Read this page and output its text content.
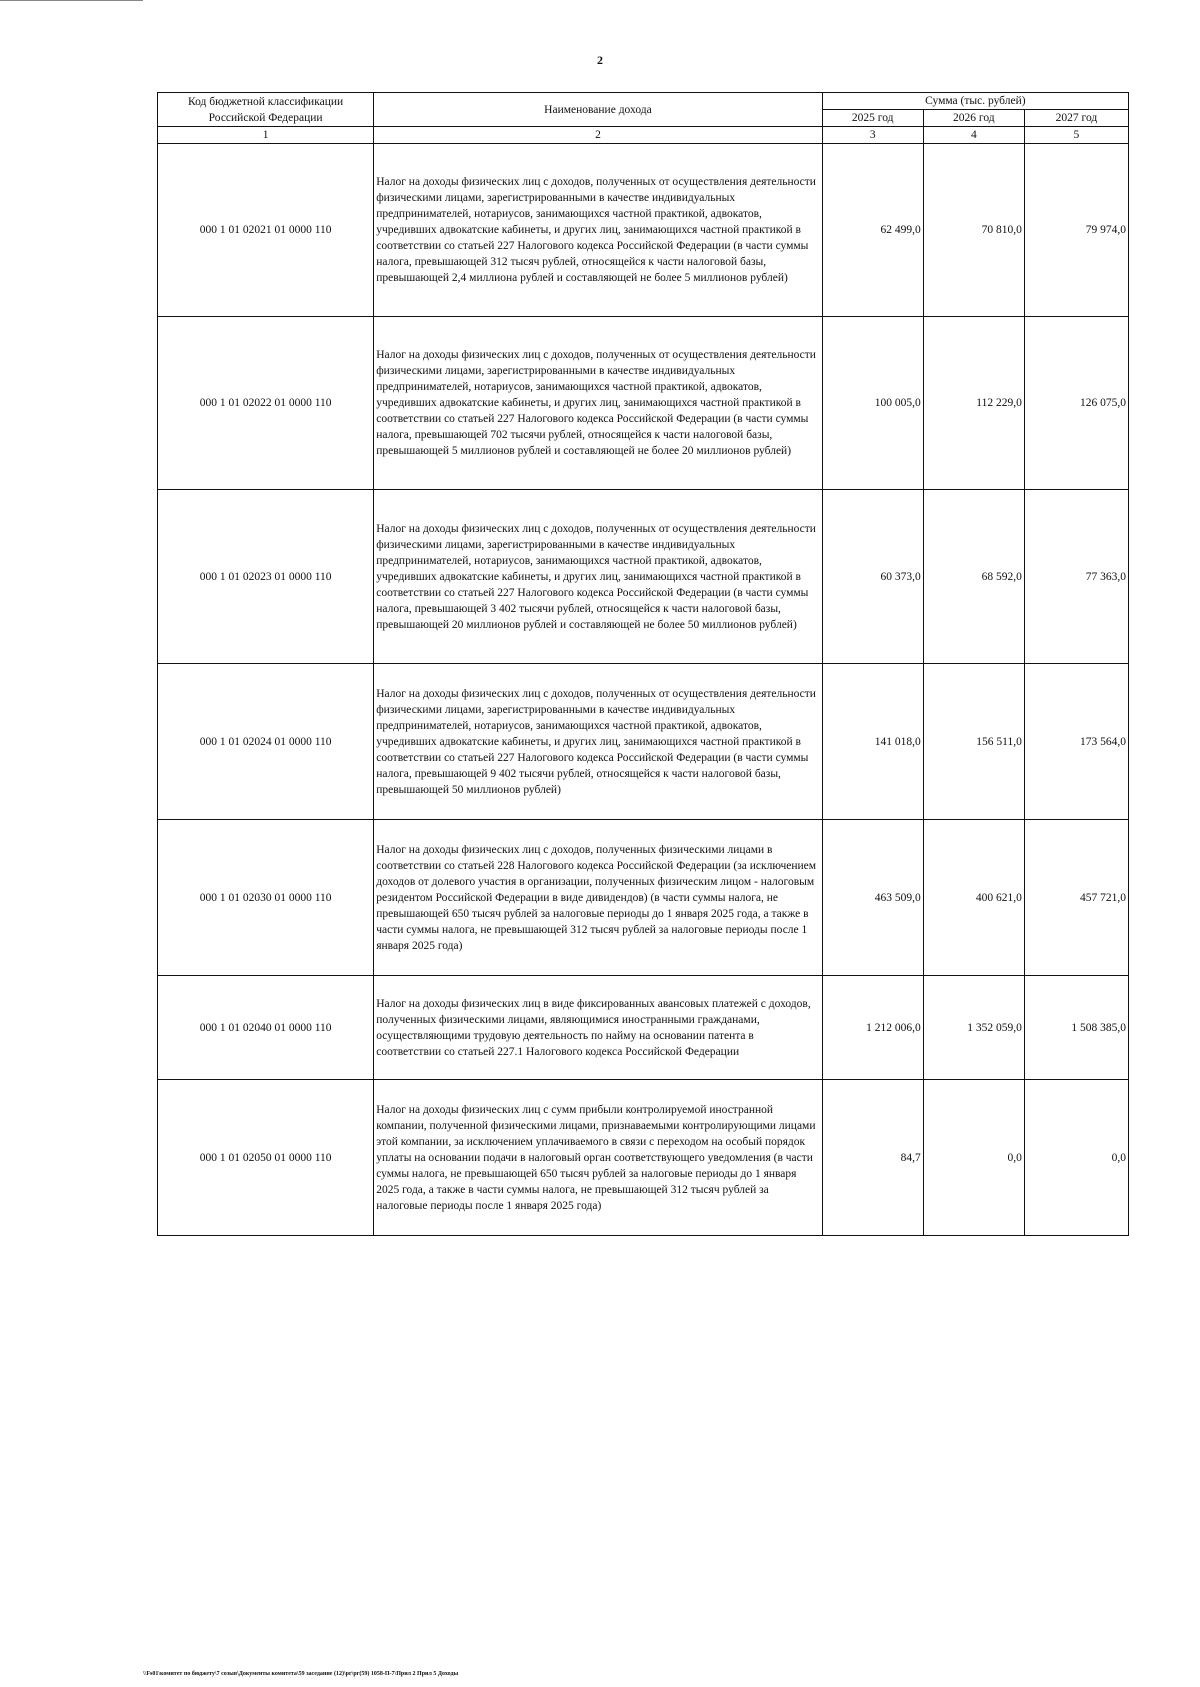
2
Код бюджетной классификации Российской Федерации	Наименование дохода	Сумма (тыс. рублей)		
		2025 год	2026 год	2027 год
1	2	3	4	5
000 1 01 02021 01 0000 110	Налог на доходы физических лиц с доходов, полученных от осуществления деятельности физическими лицами, зарегистрированными в качестве индивидуальных предпринимателей, нотариусов, занимающихся частной практикой, адвокатов, учредивших адвокатские кабинеты, и других лиц, занимающихся частной практикой в соответствии со статьей 227 Налогового кодекса Российской Федерации (в части суммы налога, превышающей 312 тысяч рублей, относящейся к части налоговой базы, превышающей 2,4 миллиона рублей и составляющей не более 5 миллионов рублей)	62 499,0	70 810,0	79 974,0
000 1 01 02022 01 0000 110	Налог на доходы физических лиц с доходов, полученных от осуществления деятельности физическими лицами, зарегистрированными в качестве индивидуальных предпринимателей, нотариусов, занимающихся частной практикой, адвокатов, учредивших адвокатские кабинеты, и других лиц, занимающихся частной практикой в соответствии со статьей 227 Налогового кодекса Российской Федерации (в части суммы налога, превышающей 702 тысячи рублей, относящейся к части налоговой базы, превышающей 5 миллионов рублей и составляющей не более 20 миллионов рублей)	100 005,0	112 229,0	126 075,0
000 1 01 02023 01 0000 110	Налог на доходы физических лиц с доходов, полученных от осуществления деятельности физическими лицами, зарегистрированными в качестве индивидуальных предпринимателей, нотариусов, занимающихся частной практикой, адвокатов, учредивших адвокатские кабинеты, и других лиц, занимающихся частной практикой в соответствии со статьей 227 Налогового кодекса Российской Федерации (в части суммы налога, превышающей 3 402 тысячи рублей, относящейся к части налоговой базы, превышающей 20 миллионов рублей и составляющей не более 50 миллионов рублей)	60 373,0	68 592,0	77 363,0
000 1 01 02024 01 0000 110	Налог на доходы физических лиц с доходов, полученных от осуществления деятельности физическими лицами, зарегистрированными в качестве индивидуальных предпринимателей, нотариусов, занимающихся частной практикой, адвокатов, учредивших адвокатские кабинеты, и других лиц, занимающихся частной практикой в соответствии со статьей 227 Налогового кодекса Российской Федерации (в части суммы налога, превышающей 9 402 тысячи рублей, относящейся к части налоговой базы, превышающей 50 миллионов рублей)	141 018,0	156 511,0	173 564,0
000 1 01 02030 01 0000 110	Налог на доходы физических лиц с доходов, полученных физическими лицами в соответствии со статьей 228 Налогового кодекса Российской Федерации (за исключением доходов от долевого участия в организации, полученных физическим лицом - налоговым резидентом Российской Федерации в виде дивидендов) (в части суммы налога, не превышающей 650 тысяч рублей за налоговые периоды до 1 января 2025 года, а также в части суммы налога, не превышающей 312 тысяч рублей за налоговые периоды после 1 января 2025 года)	463 509,0	400 621,0	457 721,0
000 1 01 02040 01 0000 110	Налог на доходы физических лиц в виде фиксированных авансовых платежей с доходов, полученных физическими лицами, являющимися иностранными гражданами, осуществляющими трудовую деятельность по найму на основании патента в соответствии со статьей 227.1 Налогового кодекса Российской Федерации	1 212 006,0	1 352 059,0	1 508 385,0
000 1 01 02050 01 0000 110	Налог на доходы физических лиц с сумм прибыли контролируемой иностранной компании, полученной физическими лицами, признаваемыми контролирующими лицами этой компании, за исключением уплачиваемого в связи с переходом на особый порядок уплаты на основании подачи в налоговый орган соответствующего уведомления (в части суммы налога, не превышающей 650 тысяч рублей за налоговые периоды до 1 января 2025 года, а также в части суммы налога, не превышающей 312 тысяч рублей за налоговые периоды после 1 января 2025 года)	84,7	0,0	0,0
\\Fs01\комитет по бюджету\7 созыв\Документы комитета\59 заседание (12)\рг\рг(59) 1058-П-7\Прил 2 Прил 5 Доходы
